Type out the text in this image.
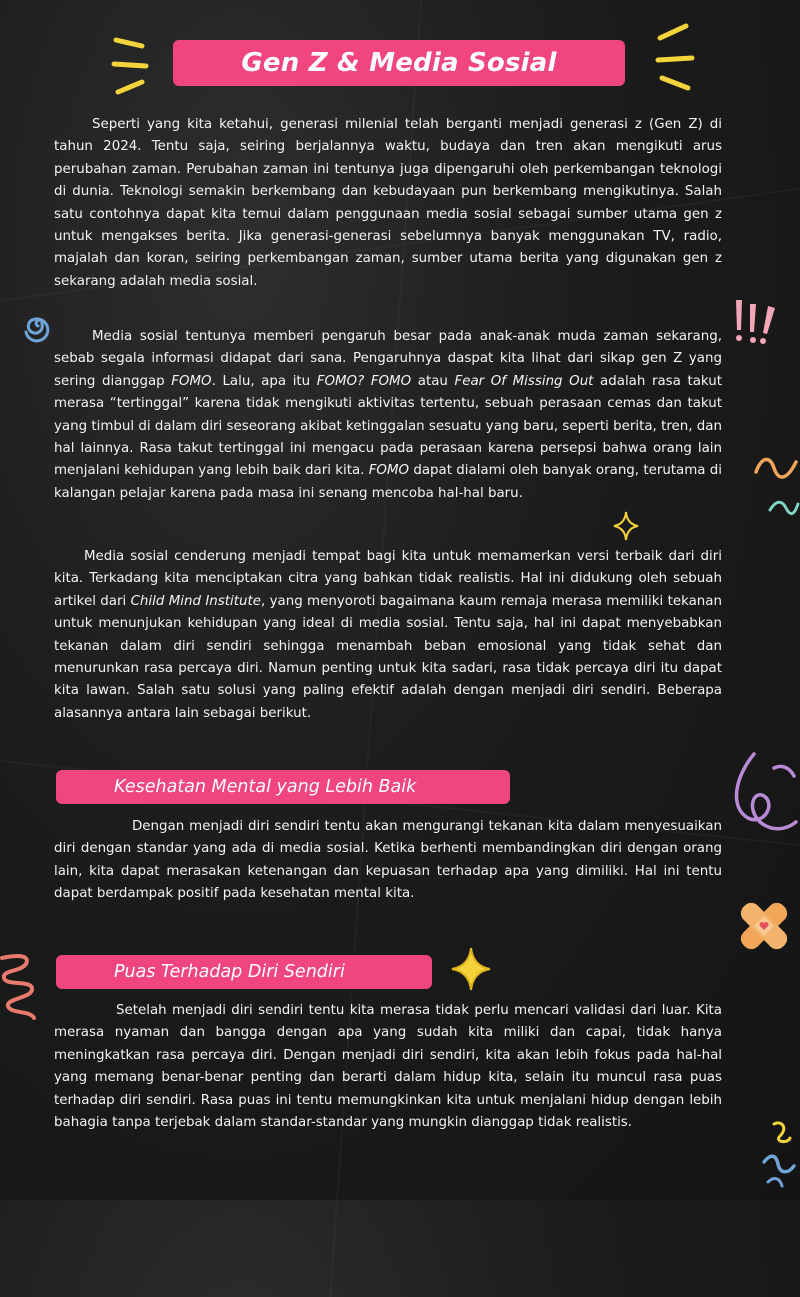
Gen Z & Media Sosial

Seperti yang kita ketahui, generasi milenial telah berganti menjadi generasi z (Gen Z) di tahun 2024. Tentu saja, seiring berjalannya waktu, budaya dan tren akan mengikuti arus perubahan zaman. Perubahan zaman ini tentunya juga dipengaruhi oleh perkembangan teknologi di dunia. Teknologi semakin berkembang dan kebudayaan pun berkembang mengikutinya. Salah satu contohnya dapat kita temui dalam penggunaan media sosial sebagai sumber utama gen z untuk mengakses berita. Jika generasi-generasi sebelumnya banyak menggunakan TV, radio, majalah dan koran, seiring perkembangan zaman, sumber utama berita yang digunakan gen z sekarang adalah media sosial.

Media sosial tentunya memberi pengaruh besar pada anak-anak muda zaman sekarang, sebab segala informasi didapat dari sana. Pengaruhnya daspat kita lihat dari sikap gen Z yang sering dianggap FOMO. Lalu, apa itu FOMO? FOMO atau Fear Of Missing Out adalah rasa takut merasa “tertinggal” karena tidak mengikuti aktivitas tertentu, sebuah perasaan cemas dan takut yang timbul di dalam diri seseorang akibat ketinggalan sesuatu yang baru, seperti berita, tren, dan hal lainnya. Rasa takut tertinggal ini mengacu pada perasaan karena persepsi bahwa orang lain menjalani kehidupan yang lebih baik dari kita. FOMO dapat dialami oleh banyak orang, terutama di kalangan pelajar karena pada masa ini senang mencoba hal-hal baru.

Media sosial cenderung menjadi tempat bagi kita untuk memamerkan versi terbaik dari diri kita. Terkadang kita menciptakan citra yang bahkan tidak realistis. Hal ini didukung oleh sebuah artikel dari Child Mind Institute, yang menyoroti bagaimana kaum remaja merasa memiliki tekanan untuk menunjukan kehidupan yang ideal di media sosial. Tentu saja, hal ini dapat menyebabkan tekanan dalam diri sendiri sehingga menambah beban emosional yang tidak sehat dan menurunkan rasa percaya diri. Namun penting untuk kita sadari, rasa tidak percaya diri itu dapat kita lawan. Salah satu solusi yang paling efektif adalah dengan menjadi diri sendiri. Beberapa alasannya antara lain sebagai berikut.

Kesehatan Mental yang Lebih Baik

Dengan menjadi diri sendiri tentu akan mengurangi tekanan kita dalam menyesuaikan diri dengan standar yang ada di media sosial. Ketika berhenti membandingkan diri dengan orang lain, kita dapat merasakan ketenangan dan kepuasan terhadap apa yang dimiliki. Hal ini tentu dapat berdampak positif pada kesehatan mental kita.

Puas Terhadap Diri Sendiri

Setelah menjadi diri sendiri tentu kita merasa tidak perlu mencari validasi dari luar. Kita merasa nyaman dan bangga dengan apa yang sudah kita miliki dan capai, tidak hanya meningkatkan rasa percaya diri. Dengan menjadi diri sendiri, kita akan lebih fokus pada hal-hal yang memang benar-benar penting dan berarti dalam hidup kita, selain itu muncul rasa puas terhadap diri sendiri. Rasa puas ini tentu memungkinkan kita untuk menjalani hidup dengan lebih bahagia tanpa terjebak dalam standar-standar yang mungkin dianggap tidak realistis.
